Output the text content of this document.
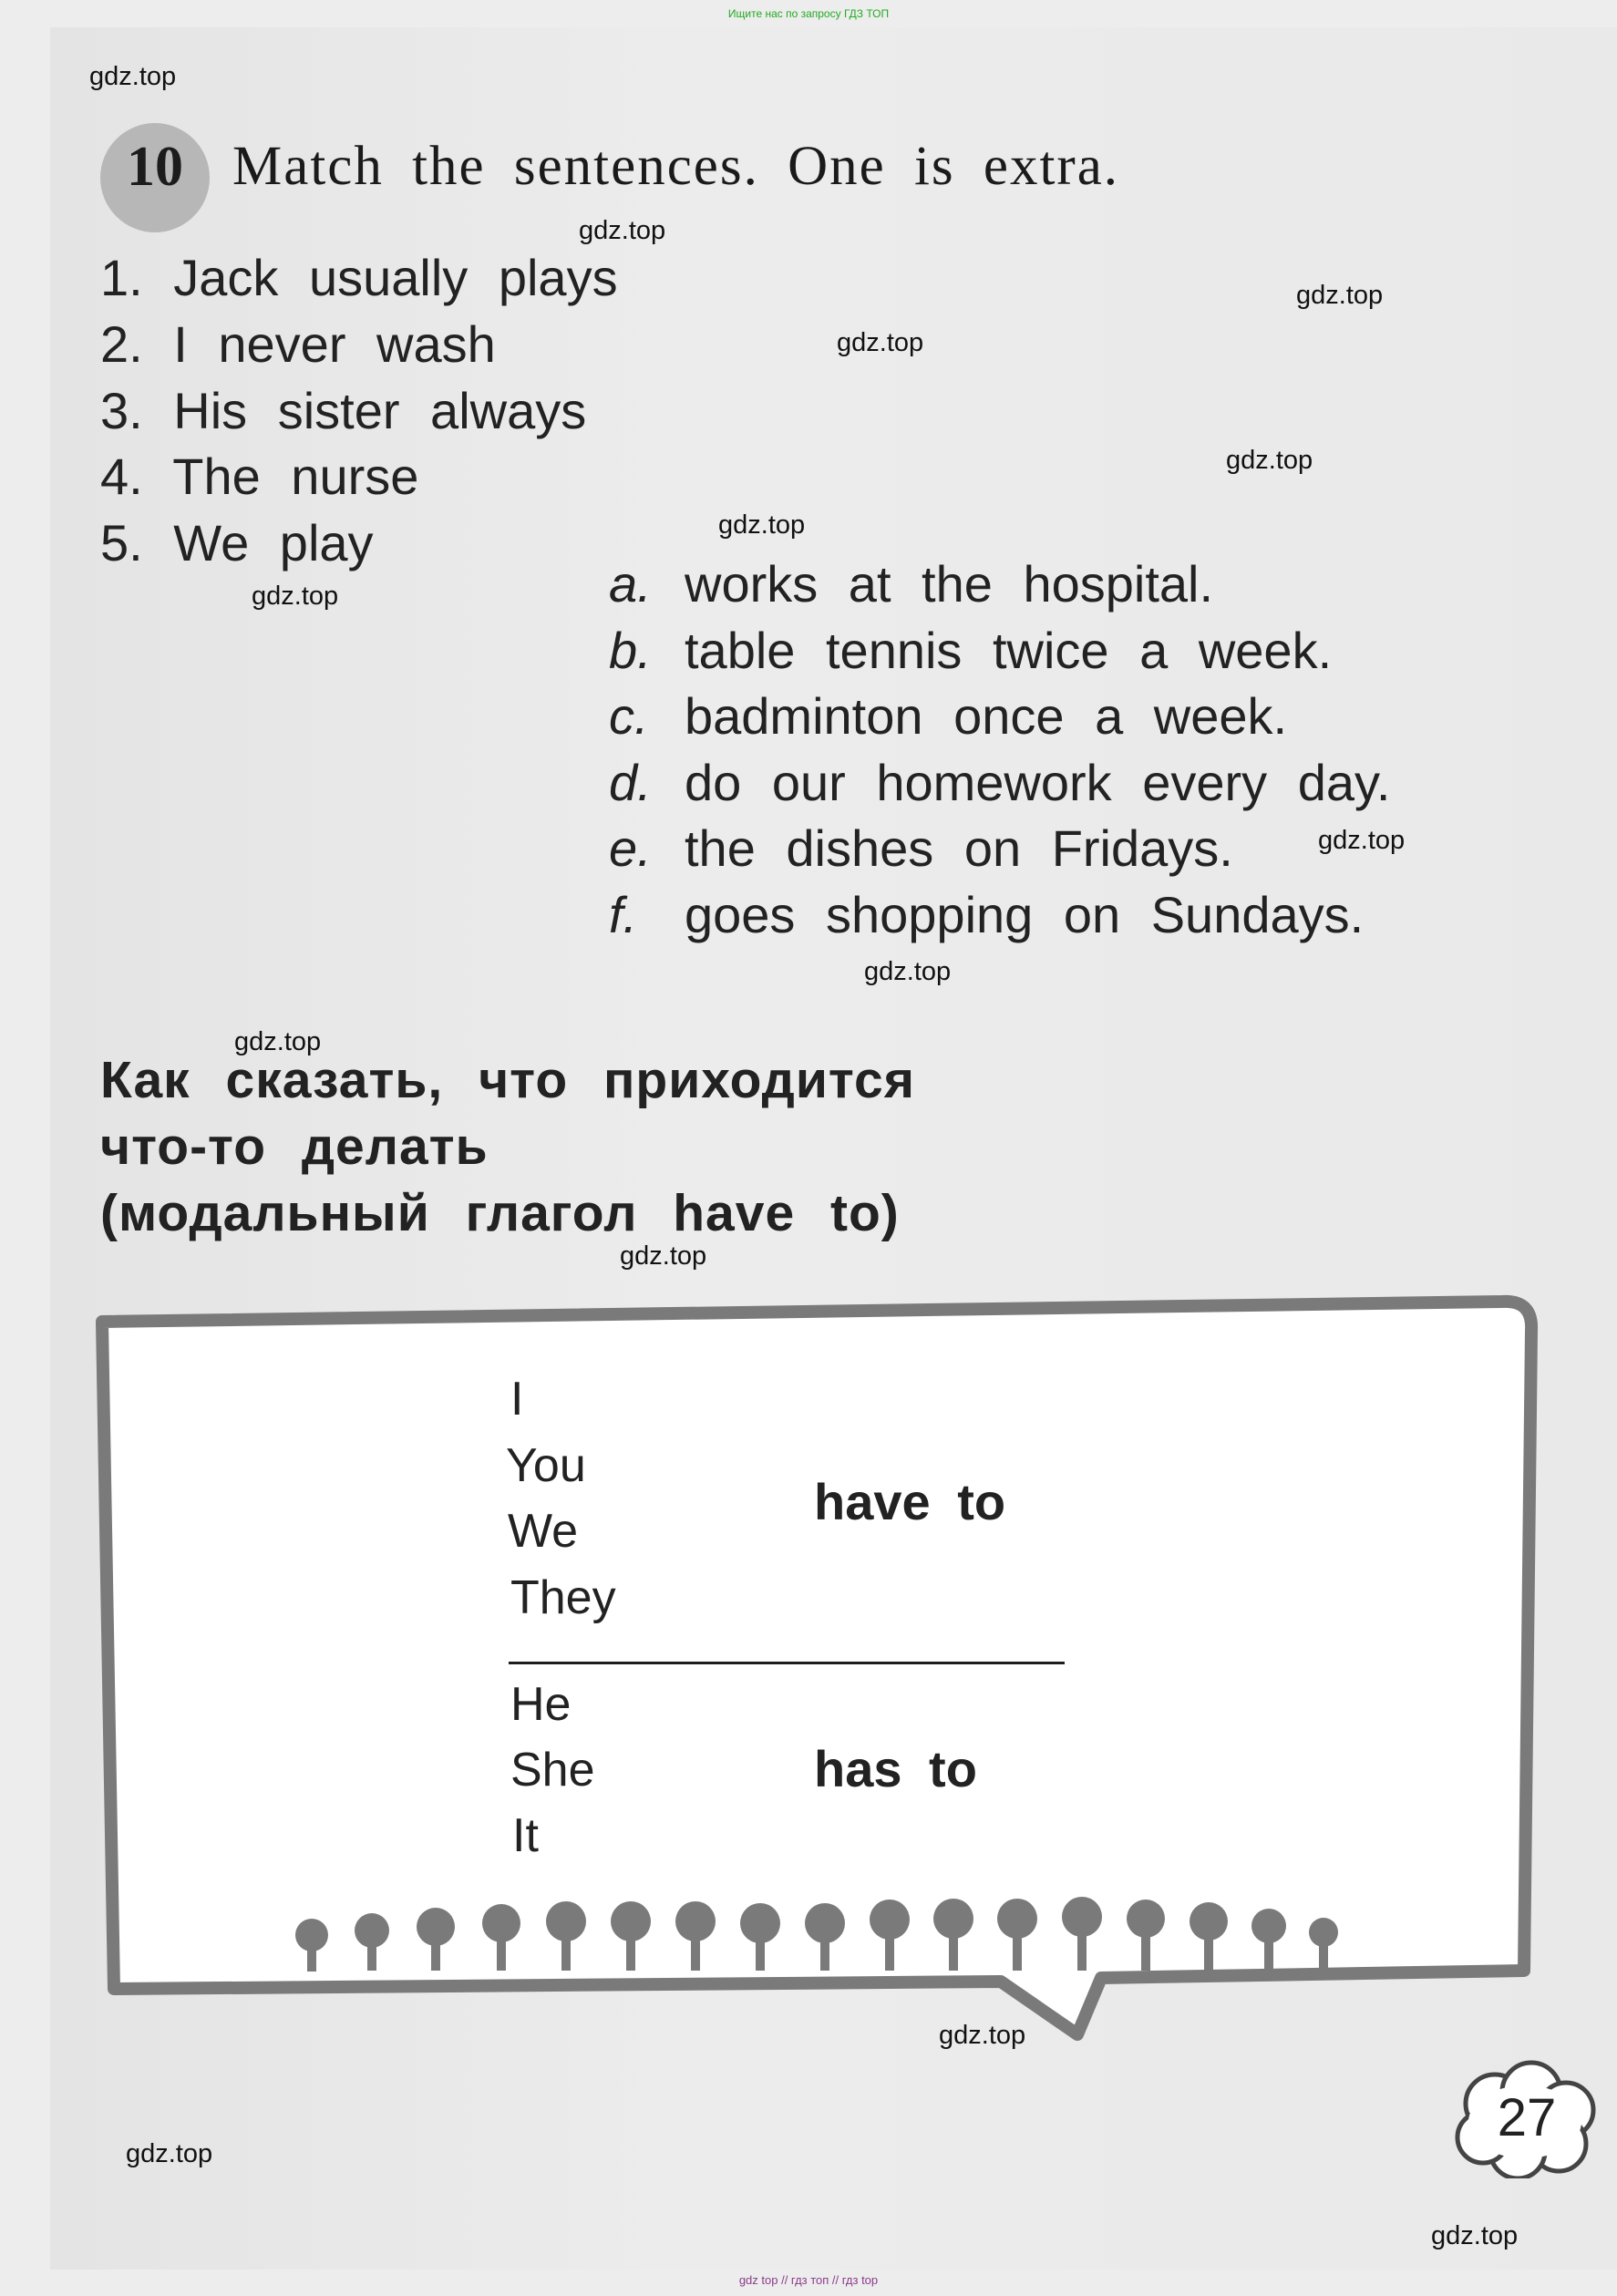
Ищите нас по запросу ГДЗ ТОП
gdz.top
gdz.top
gdz.top
gdz.top
gdz.top
gdz.top
gdz.top
gdz.top
gdz.top
gdz.top
gdz.top
gdz.top
gdz.top
gdz.top
10 Match the sentences. One is extra.
1. Jack usually plays
2. I never wash
3. His sister always
4. The nurse
5. We play
a. works at the hospital.
b. table tennis twice a week.
c. badminton once a week.
d. do our homework every day.
e. the dishes on Fridays.
f. goes shopping on Sundays.
Как сказать, что приходится
что-то делать
(модальный глагол have to)
I
You
We
They
have to
He
She
It
has to
27
gdz top // гдз топ // гдз top
